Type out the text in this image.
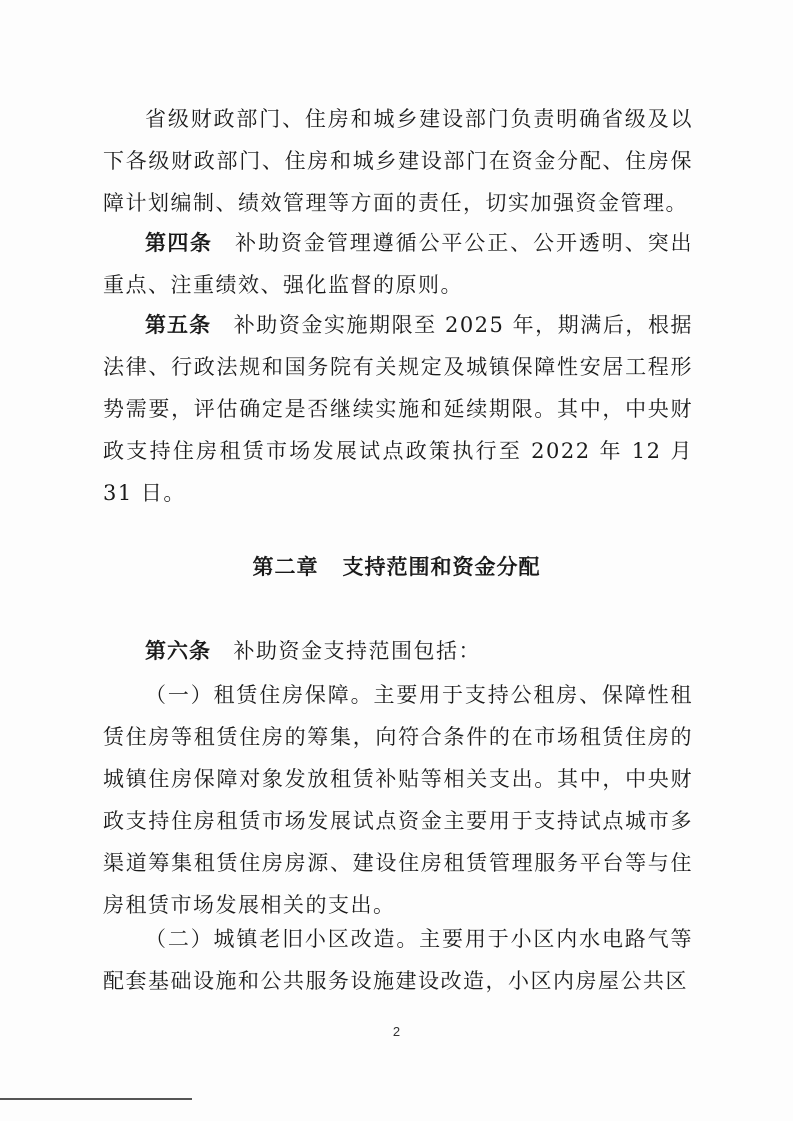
省级财政部门、住房和城乡建设部门负责明确省级及以下各级财政部门、住房和城乡建设部门在资金分配、住房保障计划编制、绩效管理等方面的责任，切实加强资金管理。

第四条　 补助资金管理遵循公平公正、公开透明、突出重点、注重绩效、强化监督的原则。

第五条　 补助资金实施期限至 2025 年，期满后，根据法律、行政法规和国务院有关规定及城镇保障性安居工程形势需要，评估确定是否继续实施和延续期限。其中，中央财政支持住房租赁市场发展试点政策执行至 2022 年 12 月 31 日。

第二章 支持范围和资金分配

第六条　 补助资金支持范围包括：

（一）租赁住房保障。主要用于支持公租房、保障性租赁住房等租赁住房的筹集，向符合条件的在市场租赁住房的城镇住房保障对象发放租赁补贴等相关支出。其中，中央财政支持住房租赁市场发展试点资金主要用于支持试点城市多渠道筹集租赁住房房源、建设住房租赁管理服务平台等与住房租赁市场发展相关的支出。

（二）城镇老旧小区改造。主要用于小区内水电路气等配套基础设施和公共服务设施建设改造，小区内房屋公共区

2
